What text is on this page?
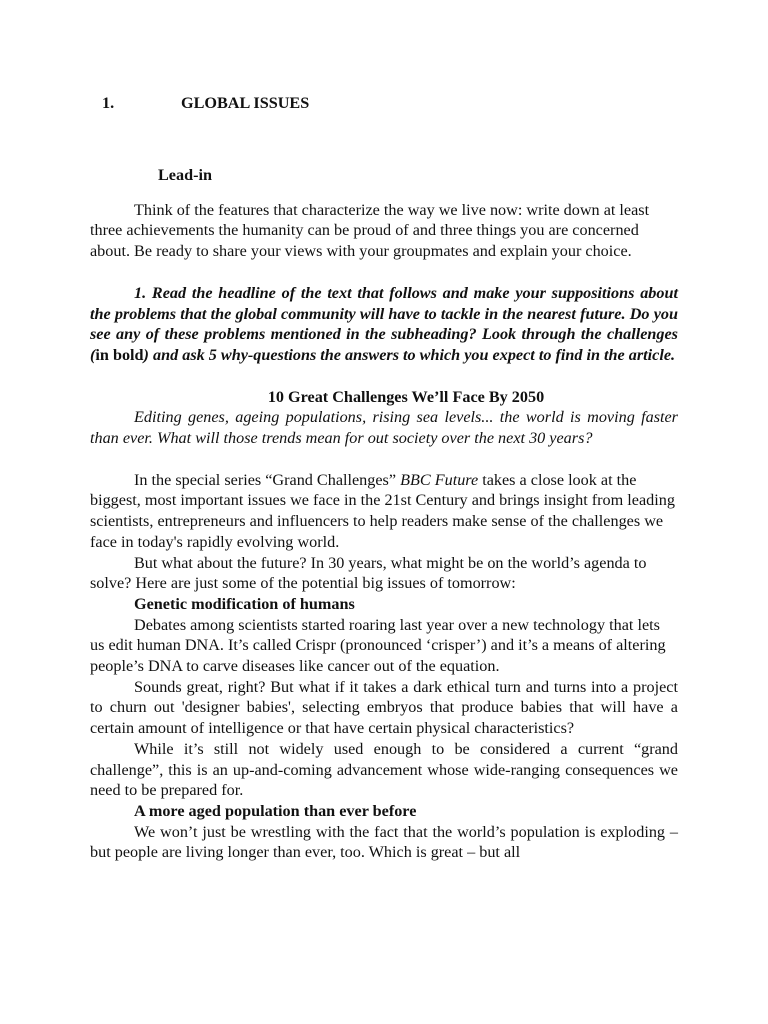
1.	GLOBAL ISSUES

Lead-in

Think of the features that characterize the way we live now: write down at least three achievements the humanity can be proud of and three things you are concerned about. Be ready to share your views with your groupmates and explain your choice.

1. Read the headline of the text that follows and make your suppositions about the problems that the global community will have to tackle in the nearest future. Do you see any of these problems mentioned in the subheading? Look through the challenges (in bold) and ask 5 why-questions the answers to which you expect to find in the article.

10 Great Challenges We’ll Face By 2050

Editing genes, ageing populations, rising sea levels... the world is moving faster than ever. What will those trends mean for out society over the next 30 years?

In the special series “Grand Challenges” BBC Future takes a close look at the biggest, most important issues we face in the 21st Century and brings insight from leading scientists, entrepreneurs and influencers to help readers make sense of the challenges we face in today's rapidly evolving world.

But what about the future? In 30 years, what might be on the world’s agenda to solve? Here are just some of the potential big issues of tomorrow:

Genetic modification of humans

Debates among scientists started roaring last year over a new technology that lets us edit human DNA. It’s called Crispr (pronounced ‘crisper’) and it’s a means of altering people’s DNA to carve diseases like cancer out of the equation.

Sounds great, right? But what if it takes a dark ethical turn and turns into a project to churn out 'designer babies', selecting embryos that produce babies that will have a certain amount of intelligence or that have certain physical characteristics?

While it’s still not widely used enough to be considered a current “grand challenge”, this is an up-and-coming advancement whose wide-ranging consequences we need to be prepared for.

A more aged population than ever before

We won’t just be wrestling with the fact that the world’s population is exploding – but people are living longer than ever, too. Which is great – but all
